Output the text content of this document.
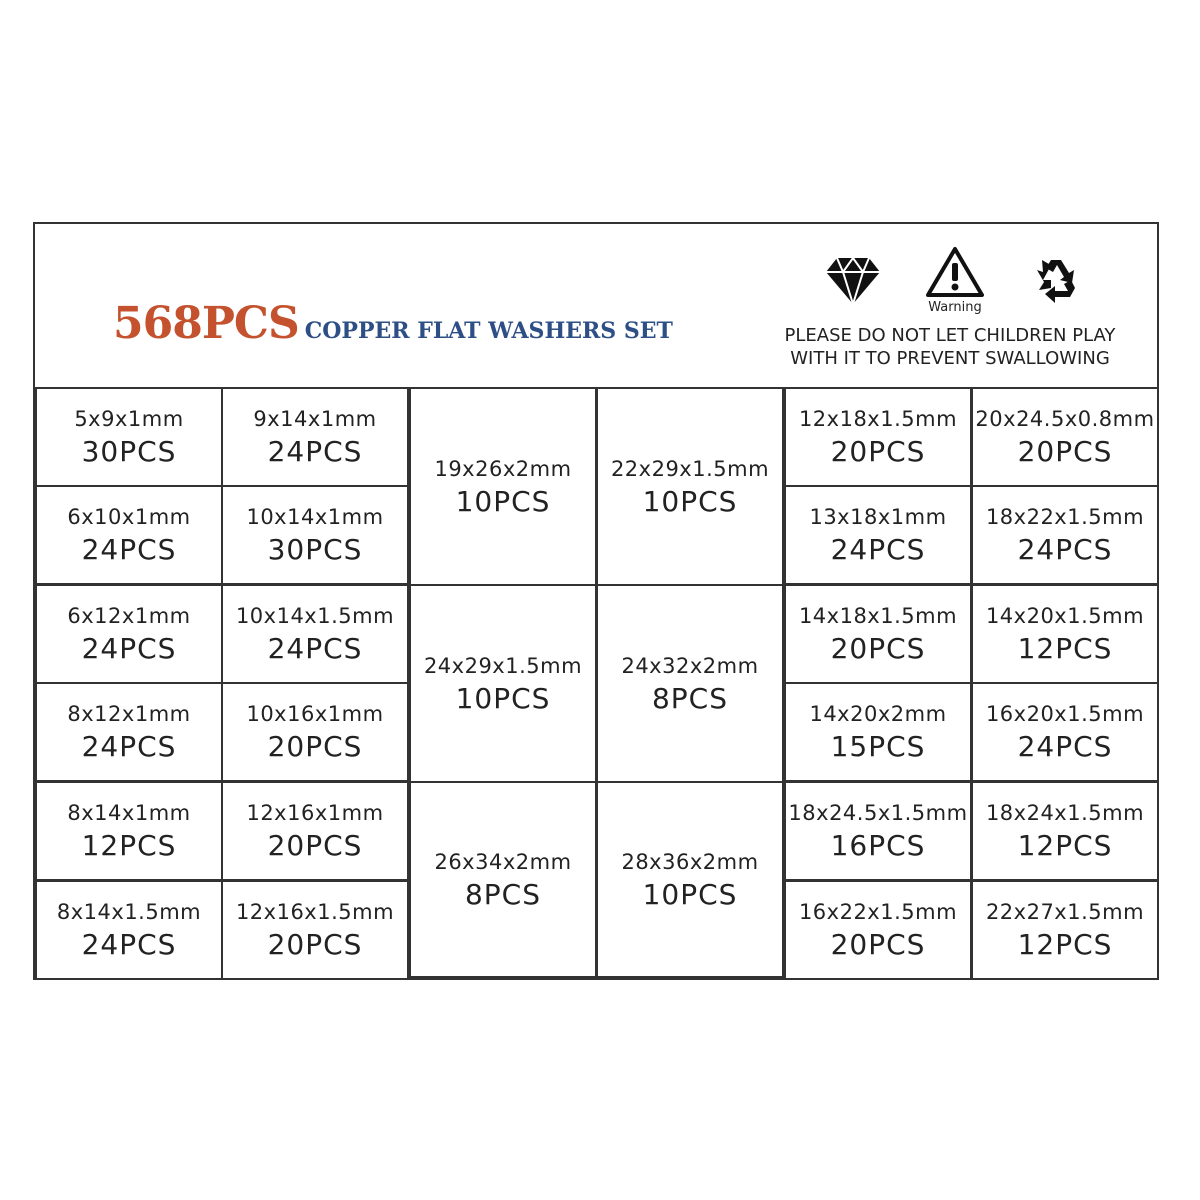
568PCS COPPER FLAT WASHERS SET
Warning
PLEASE DO NOT LET CHILDREN PLAY
WITH IT TO PREVENT SWALLOWING
5x9x1mm
30PCS
9x14x1mm
24PCS
19x26x2mm
10PCS
22x29x1.5mm
10PCS
12x18x1.5mm
20PCS
20x24.5x0.8mm
20PCS
6x10x1mm
24PCS
10x14x1mm
30PCS
13x18x1mm
24PCS
18x22x1.5mm
24PCS
6x12x1mm
24PCS
10x14x1.5mm
24PCS
24x29x1.5mm
10PCS
24x32x2mm
8PCS
14x18x1.5mm
20PCS
14x20x1.5mm
12PCS
8x12x1mm
24PCS
10x16x1mm
20PCS
14x20x2mm
15PCS
16x20x1.5mm
24PCS
8x14x1mm
12PCS
12x16x1mm
20PCS	26x34x2mm
8PCS
28x36x2mm
10PCS
18x24.5x1.5mm
16PCS
18x24x1.5mm
12PCS
8x14x1.5mm
24PCS
12x16x1.5mm
20PCS
16x22x1.5mm
20PCS
22x27x1.5mm
12PCS
